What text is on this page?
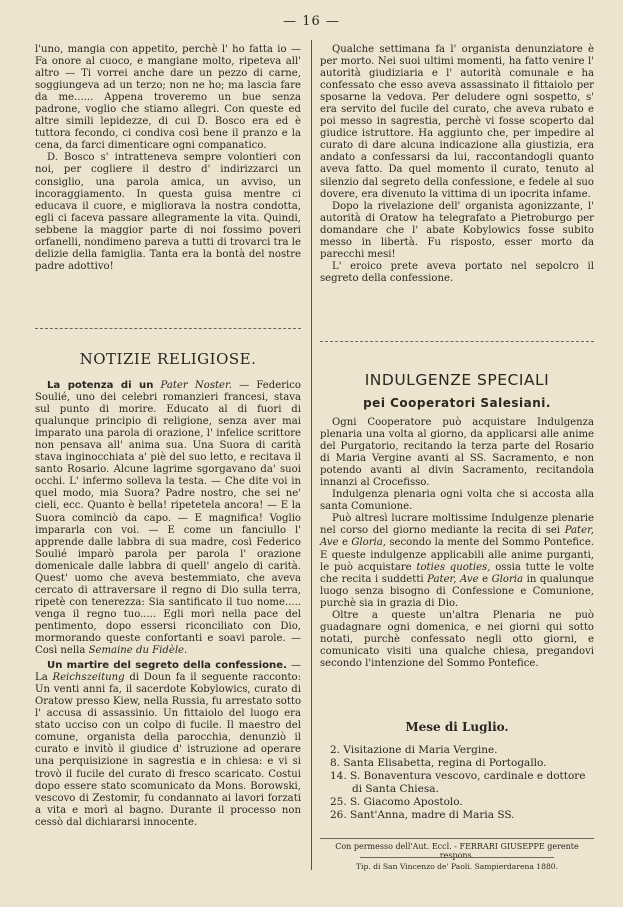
— 16 —

l'uno, mangia con appetito, perchè l' ho fatta io — Fa onore al cuoco, e mangiane molto, ripeteva all' altro — Ti vorrei anche dare un pezzo di carne, soggiungeva ad un terzo; non ne ho; ma lascia fare da me...... Appena troveremo un bue senza padrone, voglio che stiamo allegri. Con queste ed altre simili lepidezze, di cui D. Bosco era ed è tuttora fecondo, ci condiva così bene il pranzo e la cena, da farci dimenticare ogni companatico.

D. Bosco s' intratteneva sempre volontieri con noi, per cogliere il destro d' indirizzarci un consiglio, una parola amica, un avviso, un incoraggiamento. In questa guisa mentre ci educava il cuore, e migliorava la nostra condotta, egli ci faceva passare allegramente la vita. Quindi, sebbene la maggior parte di noi fossimo poveri orfanelli, nondimeno pareva a tutti di trovarci tra le delizie della famiglia. Tanta era la bontà del nostre padre adottivo!

Qualche settimana fa l' organista denunziatore è per morto. Nei suoi ultimi momenti, ha fatto venire l' autorità giudiziaria e l' autorità comunale e ha confessato che esso aveva assassinato il fittaiolo per sposarne la vedova. Per deludere ogni sospetto, s' era servito del fucile del curato, che aveva rubato e poi messo in sagrestia, perchè vi fosse scoperto dal giudice istruttore. Ha aggiunto che, per impedire al curato di dare alcuna indicazione alla giustizia, era andato a confessarsi da lui, raccontandogli quanto aveva fatto. Da quel momento il curato, tenuto al silenzio dal segreto della confessione, e fedele al suo dovere, era divenuto la vittima di un ipocrita infame.

Dopo la rivelazione dell' organista agonizzante, l' autorità di Oratow ha telegrafato a Pietroburgo per domandare che l' abate Kobylowics fosse subito messo in libertà. Fu risposto, esser morto da parecchi mesi!

L' eroico prete aveva portato nel sepolcro il segreto della confessione.

NOTIZIE RELIGIOSE.

La potenza di un Pater Noster. — Federico Soulié, uno dei celebri romanzieri francesi, stava sul punto di morire. Educato al di fuori di qualunque principio di religione, senza aver mai imparato una parola di orazione, l' infelice scrittore non pensava all' anima sua. Una Suora di carità stava inginocchiata a' piè del suo letto, e recitava il santo Rosario. Alcune lagrime sgorgavano da' suoi occhi. L' infermo solleva la testa. — Che dite voi in quel modo, mia Suora? Padre nostro, che sei ne' cieli, ecc. Quanto è bella! ripetetela ancora! — E la Suora cominciò da capo. — E magnifica! Voglio impararla con voi. — E come un fanciullo l' apprende dalle labbra di sua madre, così Federico Soulié imparò parola per parola l' orazione domenicale dalle labbra di quell' angelo di carità. Quest' uomo che aveva bestemmiato, che aveva cercato di attraversare il regno di Dio sulla terra, ripetè con tenerezza: Sia santificato il tuo nome..... venga il regno tuo..... Egli morì nella pace del pentimento, dopo essersi riconciliato con Dio, mormorando queste confortanti e soavi parole. — Così nella Semaine du Fidèle.

Un martire del segreto della confessione. — La Reichszeitung di Doun fa il seguente racconto: Un venti anni fa, il sacerdote Kobylowics, curato di Oratow presso Kiew, nella Russia, fu arrestato sotto l' accusa di assassinio. Un fittaiolo del luogo era stato ucciso con un colpo di fucile. Il maestro del comune, organista della parocchia, denunziò il curato e invitò il giudice d' istruzione ad operare una perquisizione in sagrestia e in chiesa: e vi si trovò il fucile del curato di fresco scaricato. Costui dopo essere stato scomunicato da Mons. Borowski, vescovo di Zestomir, fu condannato ai lavori forzati a vita e morì al bagno. Durante il processo non cessò dal dichiararsi innocente.

INDULGENZE SPECIALI
pei Cooperatori Salesiani.

Ogni Cooperatore può acquistare Indulgenza plenaria una volta al giorno, da applicarsi alle anime del Purgatorio, recitando la terza parte del Rosario di Maria Vergine avanti al SS. Sacramento, e non potendo avanti al divin Sacramento, recitandola innanzi al Crocefisso.

Indulgenza plenaria ogni volta che si accosta alla santa Comunione.

Può altresì lucrare moltissime Indulgenze plenarie nel corso del giorno mediante la recita di sei Pater, Ave e Gloria, secondo la mente del Sommo Pontefice. E queste indulgenze applicabili alle anime purganti, le può acquistare toties quoties, ossia tutte le volte che recita i suddetti Pater, Ave e Gloria in qualunque luogo senza bisogno di Confessione e Comunione, purchè sia in grazia di Dio.

Oltre a queste un'altra Plenaria ne può guadagnare ogni domenica, e nei giorni qui sotto notati, purchè confessato negli otto giorni, e comunicato visiti una qualche chiesa, pregandovi secondo l'intenzione del Sommo Pontefice.

Mese di Luglio.
2. Visitazione di Maria Vergine.
8. Santa Elisabetta, regina di Portogallo.
14. S. Bonaventura vescovo, cardinale e dottore
di Santa Chiesa.
25. S. Giacomo Apostolo.
26. Sant'Anna, madre di Maria SS.
Con permesso dell'Aut. Eccl. - FERRARI GIUSEPPE gerente respons.
Tip. di San Vincenzo de' Paoli. Sampierdarena 1880.
